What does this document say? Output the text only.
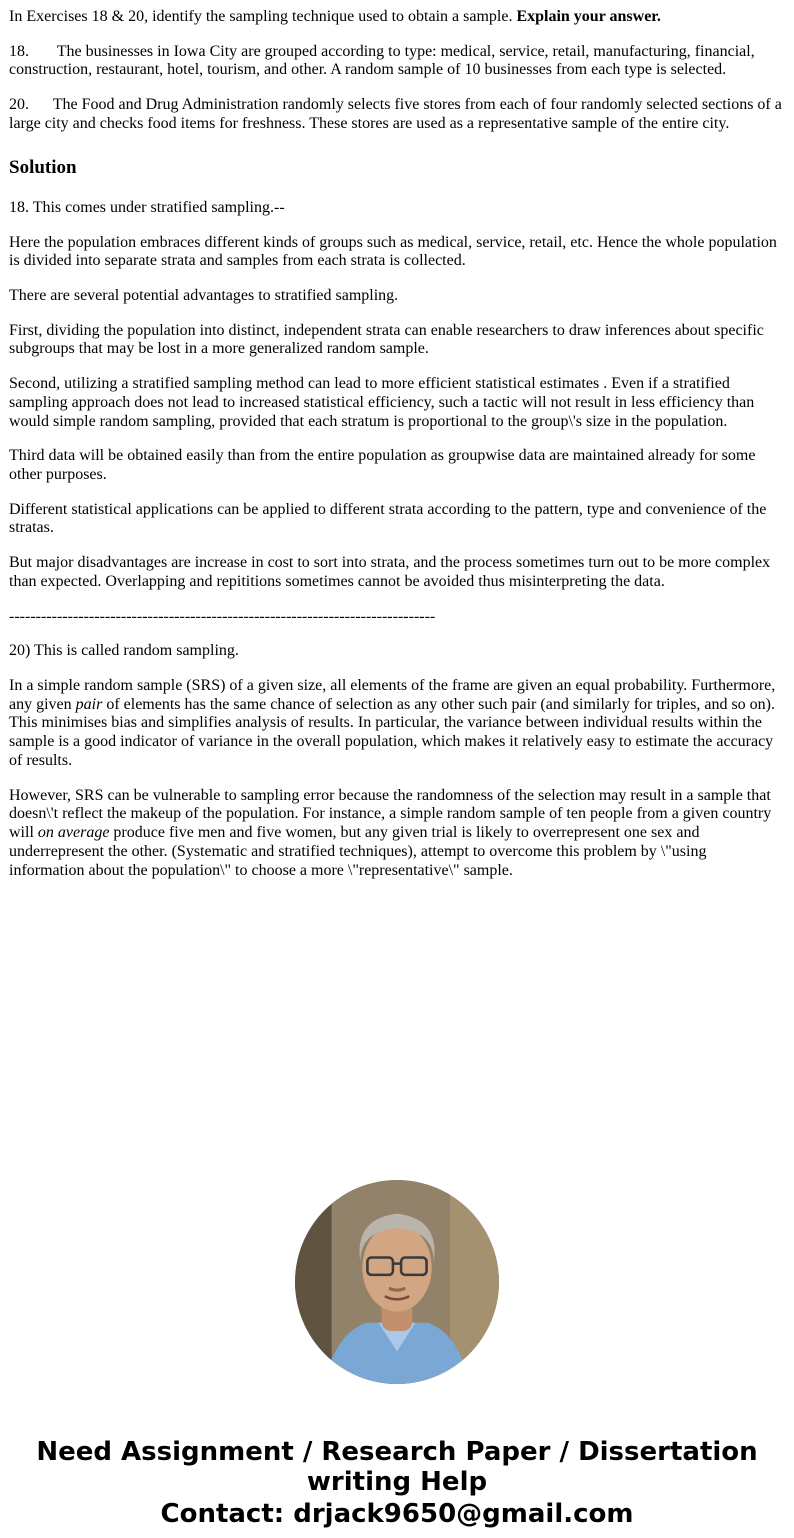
In Exercises 18 & 20, identify the sampling technique used to obtain a sample. Explain your answer.

18.       The businesses in Iowa City are grouped according to type: medical, service, retail, manufacturing, financial, construction, restaurant, hotel, tourism, and other. A random sample of 10 businesses from each type is selected.

20.      The Food and Drug Administration randomly selects five stores from each of four randomly selected sections of a large city and checks food items for freshness. These stores are used as a representative sample of the entire city.

Solution

18. This comes under stratified sampling.--

Here the population embraces different kinds of groups such as medical, service, retail, etc. Hence the whole population is divided into separate strata and samples from each strata is collected.

There are several potential advantages to stratified sampling.

First, dividing the population into distinct, independent strata can enable researchers to draw inferences about specific subgroups that may be lost in a more generalized random sample.

Second, utilizing a stratified sampling method can lead to more efficient statistical estimates . Even if a stratified sampling approach does not lead to increased statistical efficiency, such a tactic will not result in less efficiency than would simple random sampling, provided that each stratum is proportional to the group\'s size in the population.

Third data will be obtained easily than from the entire population as groupwise data are maintained already for some other purposes.

Different statistical applications can be applied to different strata according to the pattern, type and convenience of the stratas.

But major disadvantages are increase in cost to sort into strata, and the process sometimes turn out to be more complex than expected. Overlapping and repititions sometimes cannot be avoided thus misinterpreting the data.

--------------------------------------------------------------------------------

20) This is called random sampling.

In a simple random sample (SRS) of a given size, all elements of the frame are given an equal probability. Furthermore, any given pair of elements has the same chance of selection as any other such pair (and similarly for triples, and so on). This minimises bias and simplifies analysis of results. In particular, the variance between individual results within the sample is a good indicator of variance in the overall population, which makes it relatively easy to estimate the accuracy of results.

However, SRS can be vulnerable to sampling error because the randomness of the selection may result in a sample that doesn\'t reflect the makeup of the population. For instance, a simple random sample of ten people from a given country will on average produce five men and five women, but any given trial is likely to overrepresent one sex and underrepresent the other. (Systematic and stratified techniques), attempt to overcome this problem by \"using information about the population\" to choose a more \"representative\" sample.

Need Assignment / Research Paper / Dissertation writing Help
Contact: drjack9650@gmail.com
